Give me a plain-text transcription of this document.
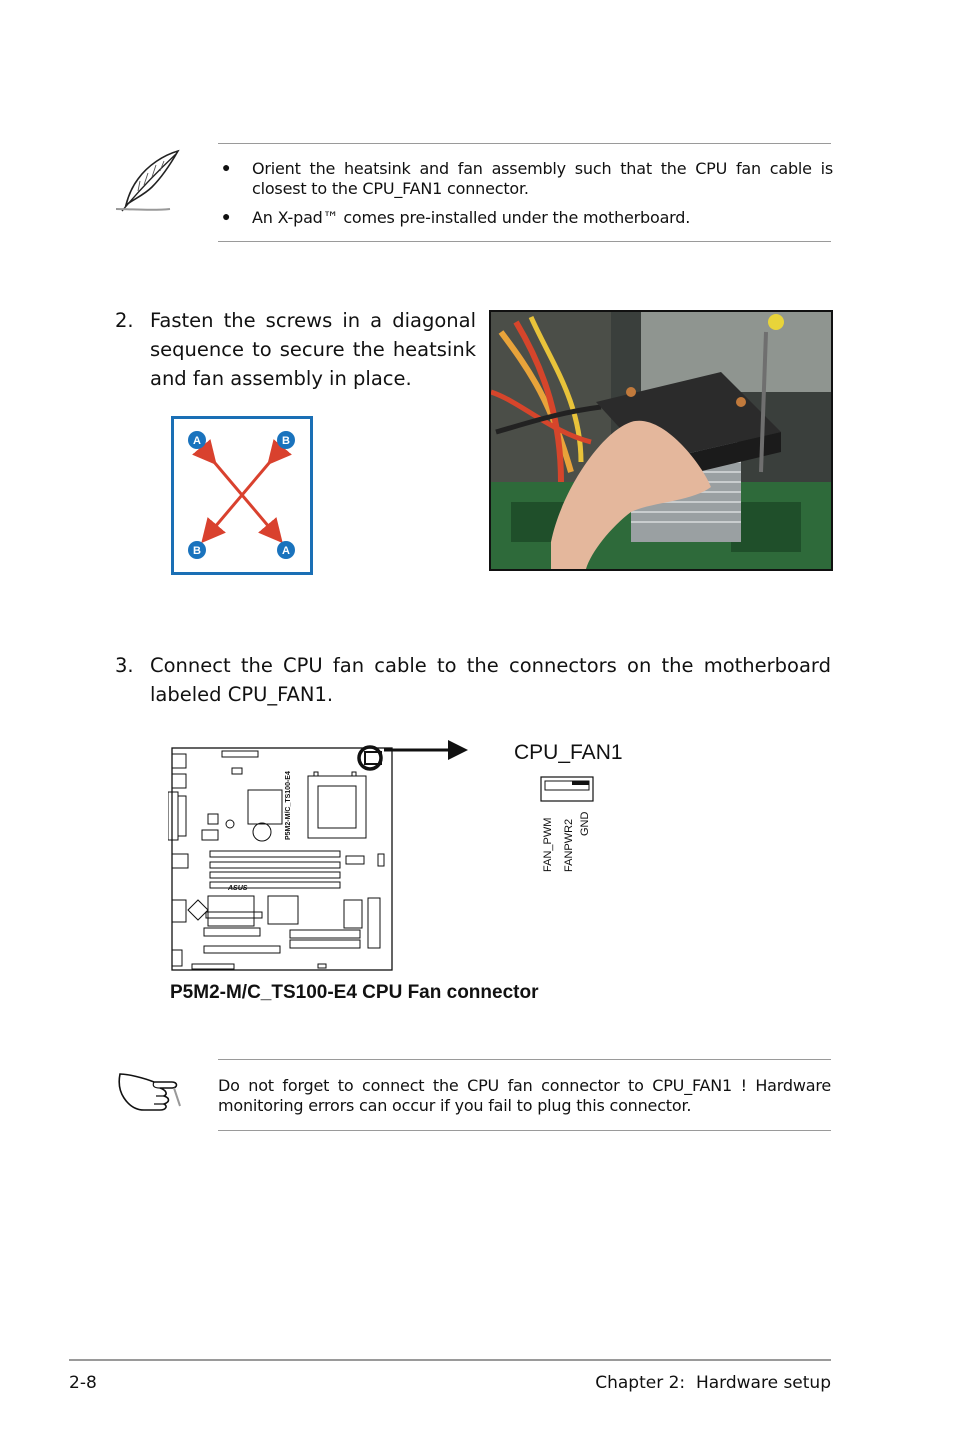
● Orient the heatsink and fan assembly such that the CPU fan cable is closest to the CPU_FAN1 connector.
● An X-pad™ comes pre-installed under the motherboard.
2. Fasten the screws in a diagonal sequence to secure the heatsink and fan assembly in place.
A	B
B	A
3. Connect the CPU fan cable to the connectors on the motherboard labeled CPU_FAN1.
ASUS
P5M2-M/C_TS100-E4
CPU_FAN1
FAN_PWM FANPWR2 GND
P5M2-M/C_TS100-E4 CPU Fan connector
Do not forget to connect the CPU fan connector to CPU_FAN1 ! Hardware monitoring errors can occur if you fail to plug this connector.
2-8	Chapter 2:  Hardware setup
